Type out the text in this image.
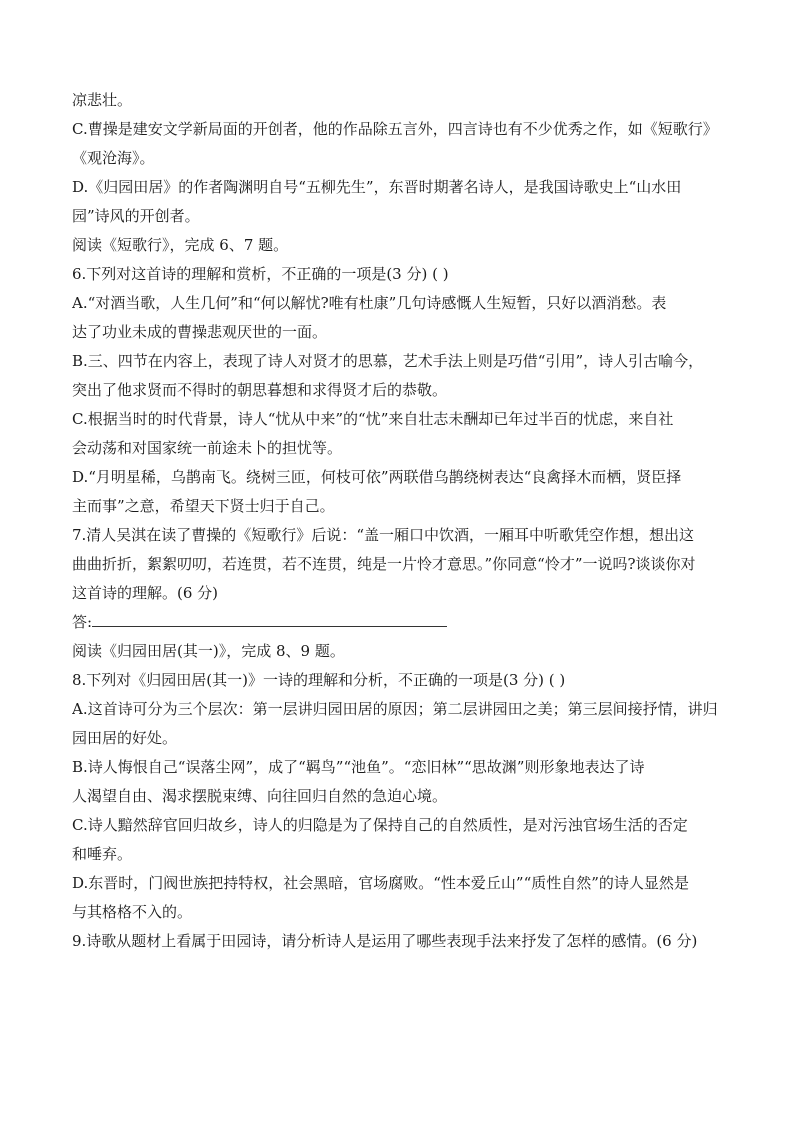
凉悲壮。
C.曹操是建安文学新局面的开创者，他的作品除五言外，四言诗也有不少优秀之作，如《短歌行》
《观沧海》。
D.《归园田居》的作者陶渊明自号“五柳先生”，东晋时期著名诗人，是我国诗歌史上“山水田
园”诗风的开创者。
阅读《短歌行》，完成 6、7 题。
6.下列对这首诗的理解和赏析，不正确的一项是(3 分) ( )
A.“对酒当歌，人生几何”和“何以解忧?唯有杜康”几句诗感慨人生短暂，只好以酒消愁。表
达了功业未成的曹操悲观厌世的一面。
B.三、四节在内容上，表现了诗人对贤才的思慕，艺术手法上则是巧借“引用”，诗人引古喻今，
突出了他求贤而不得时的朝思暮想和求得贤才后的恭敬。
C.根据当时的时代背景，诗人“忧从中来”的“忧”来自壮志未酬却已年过半百的忧虑，来自社
会动荡和对国家统一前途未卜的担忧等。
D.“月明星稀，乌鹊南飞。绕树三匝，何枝可依”两联借乌鹊绕树表达“良禽择木而栖，贤臣择
主而事”之意，希望天下贤士归于自己。
7.清人吴淇在读了曹操的《短歌行》后说：“盖一厢口中饮酒，一厢耳中听歌凭空作想，想出这
曲曲折折，絮絮叨叨，若连贯，若不连贯，纯是一片怜才意思。”你同意“怜才”一说吗?谈谈你对
这首诗的理解。(6 分)
答:
阅读《归园田居(其一)》，完成 8、9 题。
8.下列对《归园田居(其一)》一诗的理解和分析，不正确的一项是(3 分) ( )
A.这首诗可分为三个层次：第一层讲归园田居的原因；第二层讲园田之美；第三层间接抒情，讲归
园田居的好处。
B.诗人悔恨自己“误落尘网”，成了“羁鸟”“池鱼”。“恋旧林”“思故渊”则形象地表达了诗
人渴望自由、渴求摆脱束缚、向往回归自然的急迫心境。
C.诗人黯然辞官回归故乡，诗人的归隐是为了保持自己的自然质性，是对污浊官场生活的否定
和唾弃。
D.东晋时，门阀世族把持特权，社会黑暗，官场腐败。“性本爱丘山”“质性自然”的诗人显然是
与其格格不入的。
9.诗歌从题材上看属于田园诗，请分析诗人是运用了哪些表现手法来抒发了怎样的感情。(6 分)
